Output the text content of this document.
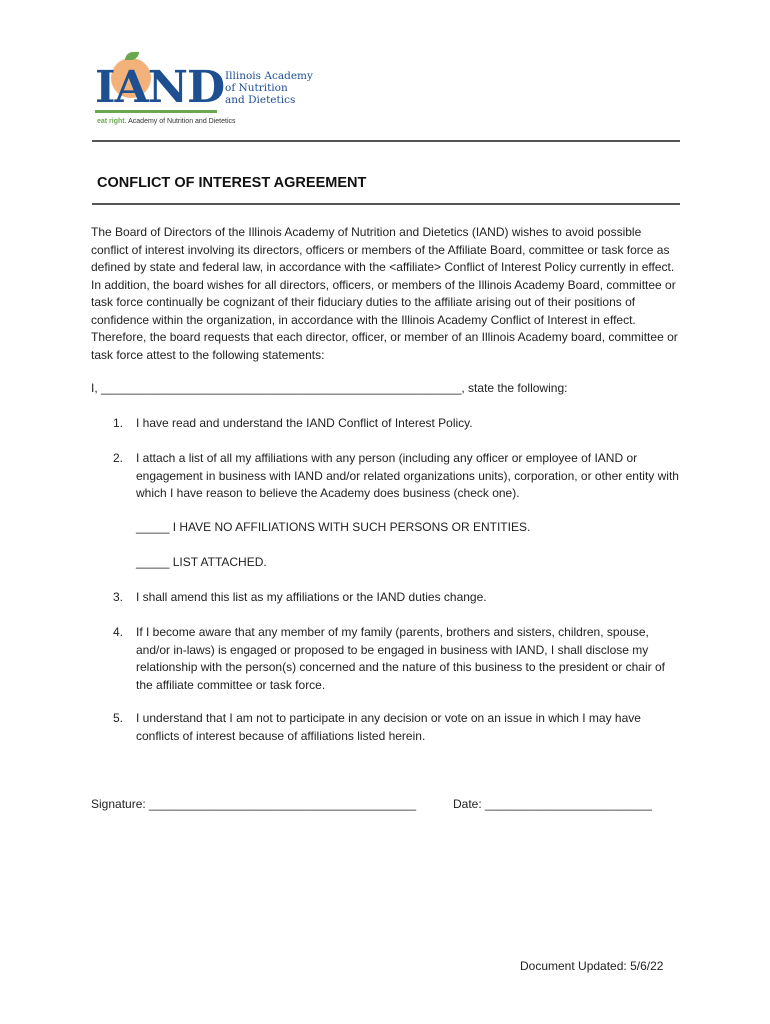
IAND Illinois Academy
of Nutrition
and Dietetics
eat right. Academy of Nutrition and Dietetics
CONFLICT OF INTEREST AGREEMENT
The Board of Directors of the Illinois Academy of Nutrition and Dietetics (IAND) wishes to avoid possible conflict of interest involving its directors, officers or members of the Affiliate Board, committee or task force as defined by state and federal law, in accordance with the <affiliate> Conflict of Interest Policy currently in effect. In addition, the board wishes for all directors, officers, or members of the Illinois Academy Board, committee or task force continually be cognizant of their fiduciary duties to the affiliate arising out of their positions of confidence within the organization, in accordance with the Illinois Academy Conflict of Interest in effect. Therefore, the board requests that each director, officer, or member of an Illinois Academy board, committee or task force attest to the following statements:
I, ______________________________________________________, state the following:
1. I have read and understand the IAND Conflict of Interest Policy.
2. I attach a list of all my affiliations with any person (including any officer or employee of IAND or engagement in business with IAND and/or related organizations units), corporation, or other entity with which I have reason to believe the Academy does business (check one).
_____ I HAVE NO AFFILIATIONS WITH SUCH PERSONS OR ENTITIES.
_____ LIST ATTACHED.
3. I shall amend this list as my affiliations or the IAND duties change.
4. If I become aware that any member of my family (parents, brothers and sisters, children, spouse, and/or in-laws) is engaged or proposed to be engaged in business with IAND, I shall disclose my relationship with the person(s) concerned and the nature of this business to the president or chair of the affiliate committee or task force.
5. I understand that I am not to participate in any decision or vote on an issue in which I may have conflicts of interest because of affiliations listed herein.
Signature: ________________________________________	Date: _________________________
Document Updated: 5/6/22
